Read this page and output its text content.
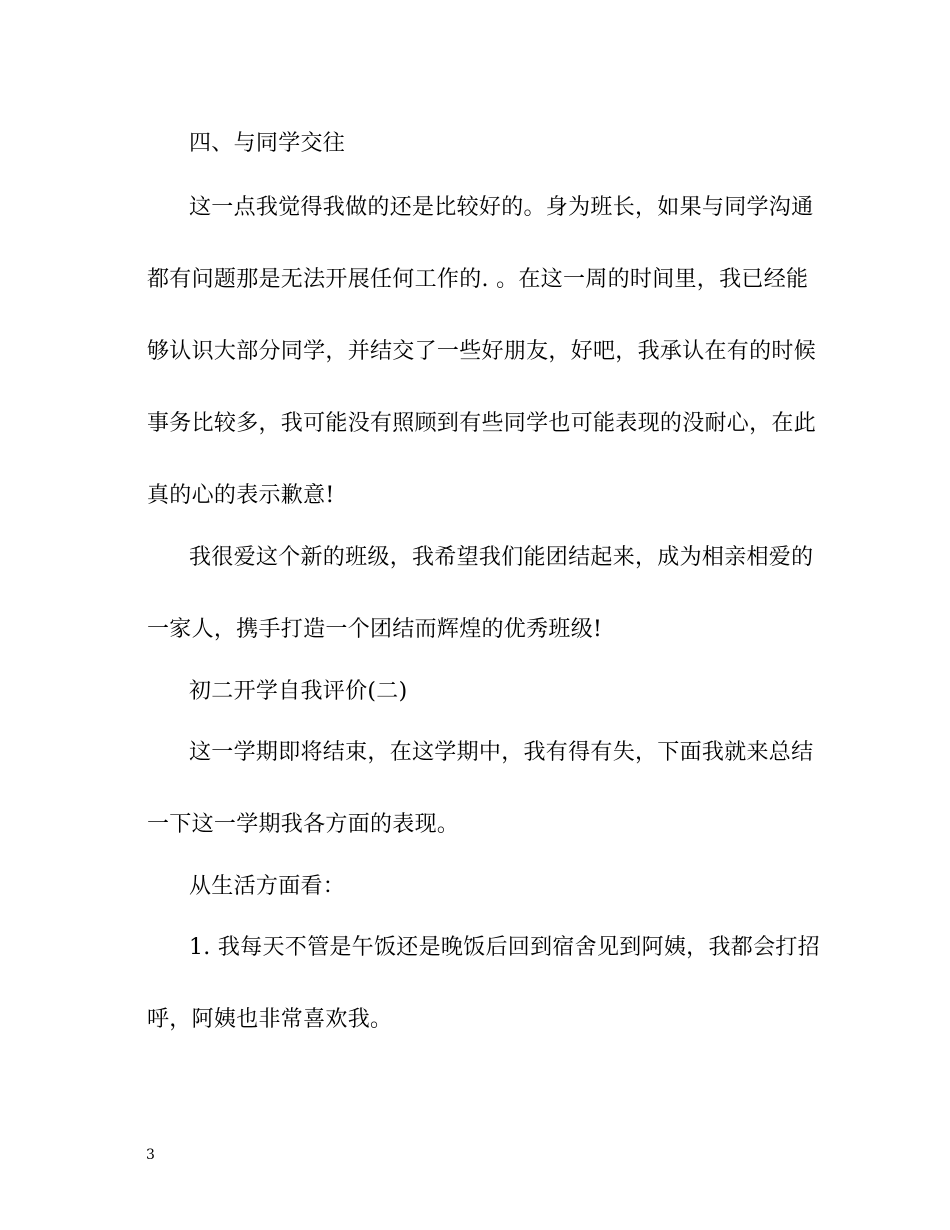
四、与同学交往
这一点我觉得我做的还是比较好的。身为班长，如果与同学沟通
都有问题那是无法开展任何工作的. 。在这一周的时间里，我已经能
够认识大部分同学，并结交了一些好朋友，好吧，我承认在有的时候
事务比较多，我可能没有照顾到有些同学也可能表现的没耐心，在此
真的心的表示歉意!
我很爱这个新的班级，我希望我们能团结起来，成为相亲相爱的
一家人，携手打造一个团结而辉煌的优秀班级!
初二开学自我评价(二)
这一学期即将结束，在这学期中，我有得有失，下面我就来总结
一下这一学期我各方面的表现。
从生活方面看：
1. 我每天不管是午饭还是晚饭后回到宿舍见到阿姨，我都会打招
呼，阿姨也非常喜欢我。
3
